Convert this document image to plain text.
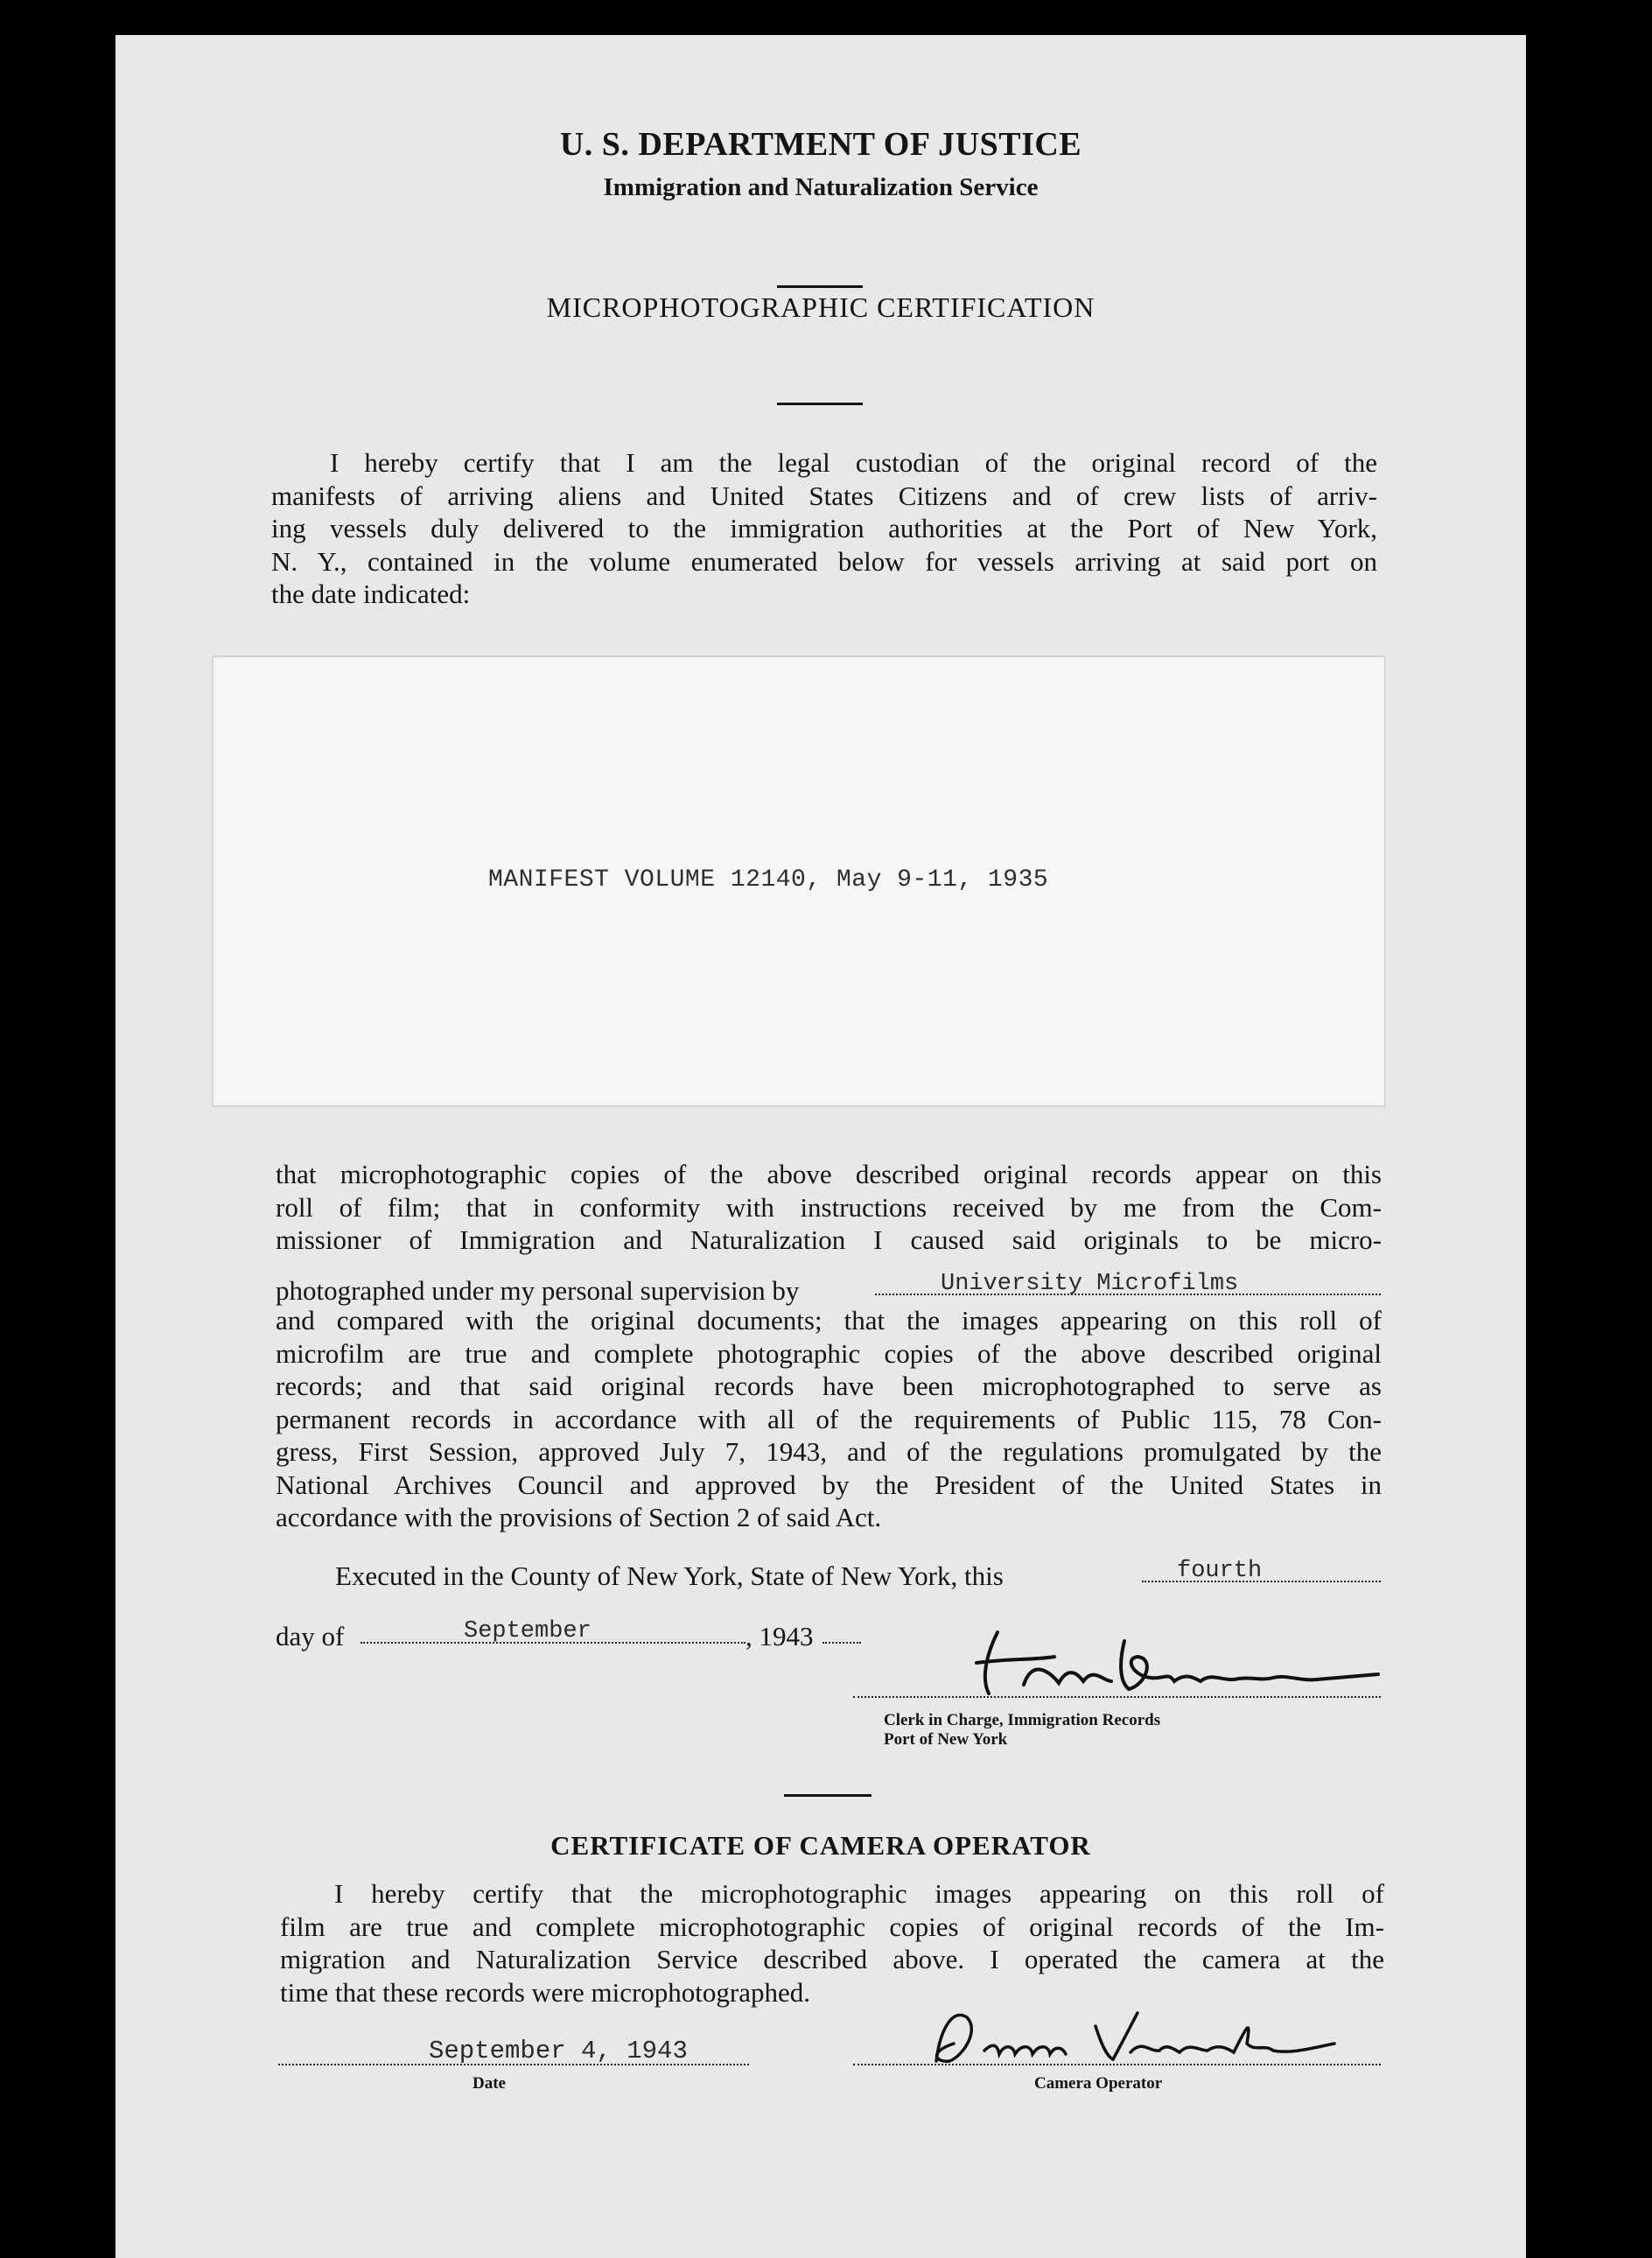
U. S. DEPARTMENT OF JUSTICE
Immigration and Naturalization Service
MICROPHOTOGRAPHIC CERTIFICATION
I hereby certify that I am the legal custodian of the original record of the
manifests of arriving aliens and United States Citizens and of crew lists of arriv-
ing vessels duly delivered to the immigration authorities at the Port of New York,
N. Y., contained in the volume enumerated below for vessels arriving at said port on
the date indicated:
MANIFEST VOLUME 12140, May 9-11, 1935
that microphotographic copies of the above described original records appear on this
roll of film; that in conformity with instructions received by me from the Com-
missioner of Immigration and Naturalization I caused said originals to be micro-
photographed under my personal supervision by	University Microfilms
and compared with the original documents; that the images appearing on this roll of
microfilm are true and complete photographic copies of the above described original
records; and that said original records have been microphotographed to serve as
permanent records in accordance with all of the requirements of Public 115, 78 Con-
gress, First Session, approved July 7, 1943, and of the regulations promulgated by the
National Archives Council and approved by the President of the United States in
accordance with the provisions of Section 2 of said Act.
Executed in the County of New York, State of New York, this	fourth
day of	September	, 1943
Clerk in Charge, Immigration Records
Port of New York
CERTIFICATE OF CAMERA OPERATOR
I hereby certify that the microphotographic images appearing on this roll of
film are true and complete microphotographic copies of original records of the Im-
migration and Naturalization Service described above. I operated the camera at the
time that these records were microphotographed.
September 4, 1943
Date	Camera Operator
